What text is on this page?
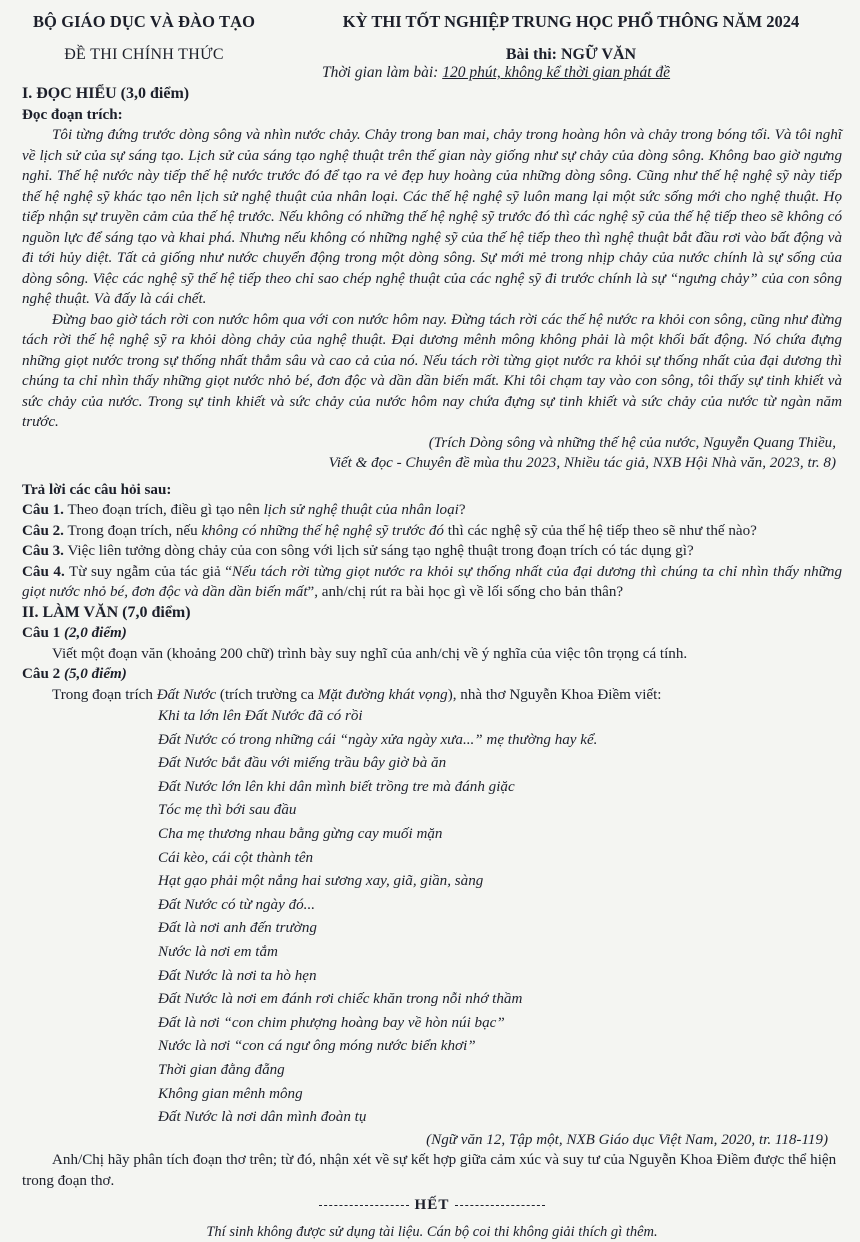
BỘ GIÁO DỤC VÀ ĐÀO TẠO
ĐỀ THI CHÍNH THỨC
KỲ THI TỐT NGHIỆP TRUNG HỌC PHỔ THÔNG NĂM 2024
Bài thi: NGỮ VĂN
Thời gian làm bài: 120 phút, không kể thời gian phát đề
I. ĐỌC HIỂU (3,0 điểm)
Đọc đoạn trích:

Tôi từng đứng trước dòng sông và nhìn nước chảy. Chảy trong ban mai, chảy trong hoàng hôn và chảy trong bóng tối. Và tôi nghĩ về lịch sử của sự sáng tạo. Lịch sử của sáng tạo nghệ thuật trên thế gian này giống như sự chảy của dòng sông. Không bao giờ ngưng nghỉ. Thế hệ nước này tiếp thế hệ nước trước đó để tạo ra vẻ đẹp huy hoàng của những dòng sông. Cũng như thế hệ nghệ sỹ này tiếp thế hệ nghệ sỹ khác tạo nên lịch sử nghệ thuật của nhân loại. Các thế hệ nghệ sỹ luôn mang lại một sức sống mới cho nghệ thuật. Họ tiếp nhận sự truyền cảm của thế hệ trước. Nếu không có những thế hệ nghệ sỹ trước đó thì các nghệ sỹ của thế hệ tiếp theo sẽ không có nguồn lực để sáng tạo và khai phá. Nhưng nếu không có những nghệ sỹ của thế hệ tiếp theo thì nghệ thuật bắt đầu rơi vào bất động và đi tới hủy diệt. Tất cả giống như nước chuyển động trong một dòng sông. Sự mới mẻ trong nhịp chảy của nước chính là sự sống của dòng sông. Việc các nghệ sỹ thế hệ tiếp theo chỉ sao chép nghệ thuật của các nghệ sỹ đi trước chính là sự “ngưng chảy” của con sông nghệ thuật. Và đấy là cái chết.

Đừng bao giờ tách rời con nước hôm qua với con nước hôm nay. Đừng tách rời các thế hệ nước ra khỏi con sông, cũng như đừng tách rời thế hệ nghệ sỹ ra khỏi dòng chảy của nghệ thuật. Đại dương mênh mông không phải là một khối bất động. Nó chứa đựng những giọt nước trong sự thống nhất thẳm sâu và cao cả của nó. Nếu tách rời từng giọt nước ra khỏi sự thống nhất của đại dương thì chúng ta chỉ nhìn thấy những giọt nước nhỏ bé, đơn độc và dần dần biến mất. Khi tôi chạm tay vào con sông, tôi thấy sự tinh khiết và sức chảy của nước. Trong sự tinh khiết và sức chảy của nước hôm nay chứa đựng sự tinh khiết và sức chảy của nước từ ngàn năm trước.

(Trích Dòng sông và những thế hệ của nước, Nguyễn Quang Thiều,

Viết & đọc - Chuyên đề mùa thu 2023, Nhiều tác giả, NXB Hội Nhà văn, 2023, tr. 8)

Trả lời các câu hỏi sau:

Câu 1. Theo đoạn trích, điều gì tạo nên lịch sử nghệ thuật của nhân loại?

Câu 2. Trong đoạn trích, nếu không có những thế hệ nghệ sỹ trước đó thì các nghệ sỹ của thế hệ tiếp theo sẽ như thế nào?

Câu 3. Việc liên tưởng dòng chảy của con sông với lịch sử sáng tạo nghệ thuật trong đoạn trích có tác dụng gì?

Câu 4. Từ suy ngẫm của tác giả “Nếu tách rời từng giọt nước ra khỏi sự thống nhất của đại dương thì chúng ta chỉ nhìn thấy những giọt nước nhỏ bé, đơn độc và dần dần biến mất”, anh/chị rút ra bài học gì về lối sống cho bản thân?

II. LÀM VĂN (7,0 điểm)
Câu 1 (2,0 điểm)

Viết một đoạn văn (khoảng 200 chữ) trình bày suy nghĩ của anh/chị về ý nghĩa của việc tôn trọng cá tính.

Câu 2 (5,0 điểm)

Trong đoạn trích Đất Nước (trích trường ca Mặt đường khát vọng), nhà thơ Nguyễn Khoa Điềm viết:

Khi ta lớn lên Đất Nước đã có rồi
Đất Nước có trong những cái “ngày xửa ngày xưa...” mẹ thường hay kể.
Đất Nước bắt đầu với miếng trầu bây giờ bà ăn
Đất Nước lớn lên khi dân mình biết trồng tre mà đánh giặc
Tóc mẹ thì bới sau đầu
Cha mẹ thương nhau bằng gừng cay muối mặn
Cái kèo, cái cột thành tên
Hạt gạo phải một nắng hai sương xay, giã, giần, sàng
Đất Nước có từ ngày đó...
Đất là nơi anh đến trường
Nước là nơi em tắm
Đất Nước là nơi ta hò hẹn
Đất Nước là nơi em đánh rơi chiếc khăn trong nỗi nhớ thầm
Đất là nơi “con chim phượng hoàng bay về hòn núi bạc”
Nước là nơi “con cá ngư ông móng nước biển khơi”
Thời gian đằng đẵng
Không gian mênh mông
Đất Nước là nơi dân mình đoàn tụ

(Ngữ văn 12, Tập một, NXB Giáo dục Việt Nam, 2020, tr. 118-119)

Anh/Chị hãy phân tích đoạn thơ trên; từ đó, nhận xét về sự kết hợp giữa cảm xúc và suy tư của Nguyễn Khoa Điềm được thể hiện trong đoạn thơ.

HẾT
Thí sinh không được sử dụng tài liệu. Cán bộ coi thi không giải thích gì thêm.
